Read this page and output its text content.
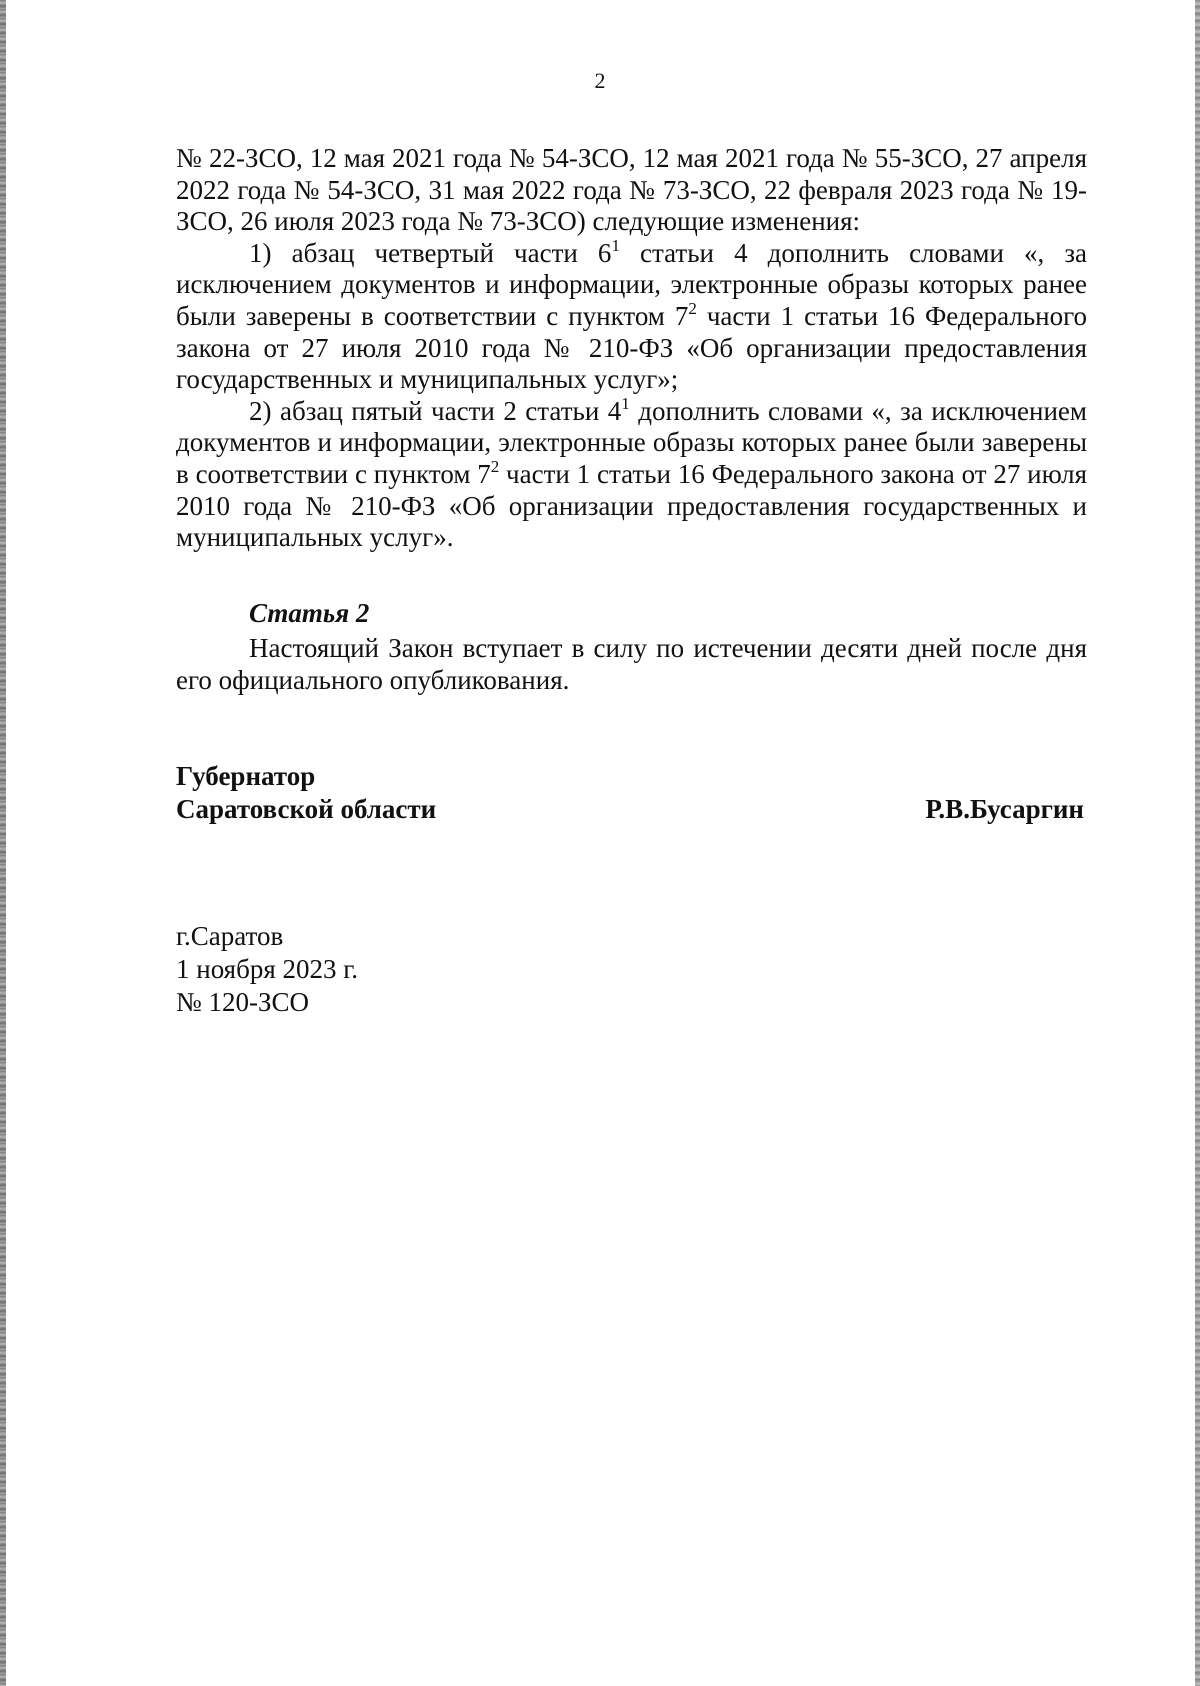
2

№ 22-ЗСО, 12 мая 2021 года № 54-ЗСО, 12 мая 2021 года № 55-ЗСО, 27 апреля 2022 года № 54-ЗСО, 31 мая 2022 года № 73-ЗСО, 22 февраля 2023 года № 19-ЗСО, 26 июля 2023 года № 73-ЗСО) следующие изменения:

1) абзац четвертый части $6^1$ статьи 4 дополнить словами «, за исключением документов и информации, электронные образы которых ранее были заверены в соответствии с пунктом $7^2$ части 1 статьи 16 Федерального закона от 27 июля 2010 года № 210-ФЗ «Об организации предоставления государственных и муниципальных услуг»;

2) абзац пятый части 2 статьи $4^1$ дополнить словами «, за исключением документов и информации, электронные образы которых ранее были заверены в соответствии с пунктом $7^2$ части 1 статьи 16 Федерального закона от 27 июля 2010 года № 210-ФЗ «Об организации предоставления государственных и муниципальных услуг».

Статья 2

Настоящий Закон вступает в силу по истечении десяти дней после дня его официального опубликования.

Губернатор
Саратовской области	Р.В.Бусаргин
г.Саратов
1 ноября 2023 г.
№ 120-ЗСО
